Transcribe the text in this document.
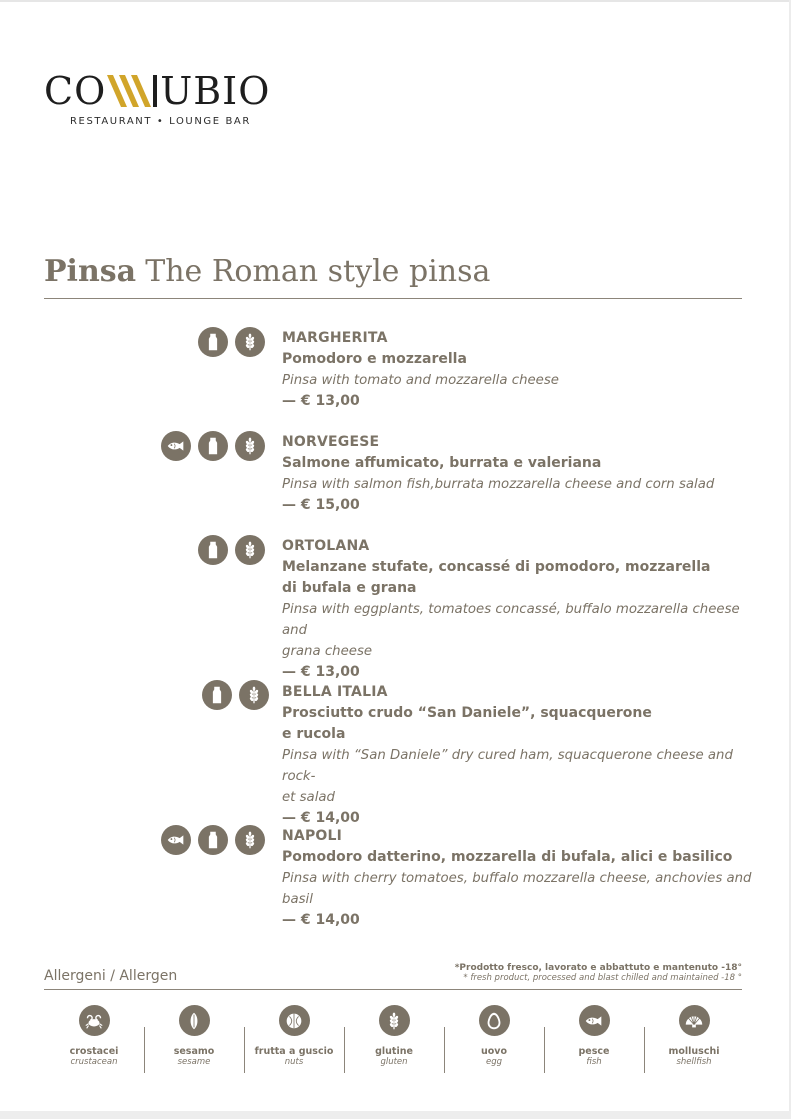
CO UBIO
RESTAURANT • LOUNGE BAR
Pinsa The Roman style pinsa
MARGHERITA
Pomodoro e mozzarella
Pinsa with tomato and mozzarella cheese
— € 13,00
NORVEGESE
Salmone affumicato, burrata e valeriana
Pinsa with salmon fish,burrata mozzarella cheese and corn salad
— € 15,00
ORTOLANA
Melanzane stufate, concassé di pomodoro, mozzarella
di bufala e grana
Pinsa with eggplants, tomatoes concassé, buffalo mozzarella cheese and
grana cheese
— € 13,00
BELLA ITALIA
Prosciutto crudo “San Daniele”, squacquerone
e rucola
Pinsa with “San Daniele” dry cured ham, squacquerone cheese and rock-
et salad
— € 14,00
NAPOLI
Pomodoro datterino, mozzarella di bufala, alici e basilico
Pinsa with cherry tomatoes, buffalo mozzarella cheese, anchovies and
basil
— € 14,00
Allergeni / Allergen	*Prodotto fresco, lavorato e abbattuto e mantenuto -18°
* fresh product, processed and blast chilled and maintained -18 °
crostacei
crustacean
sesamo
sesame
frutta a guscio
nuts
glutine
gluten
uovo
egg
pesce
fish
molluschi
shellfish
